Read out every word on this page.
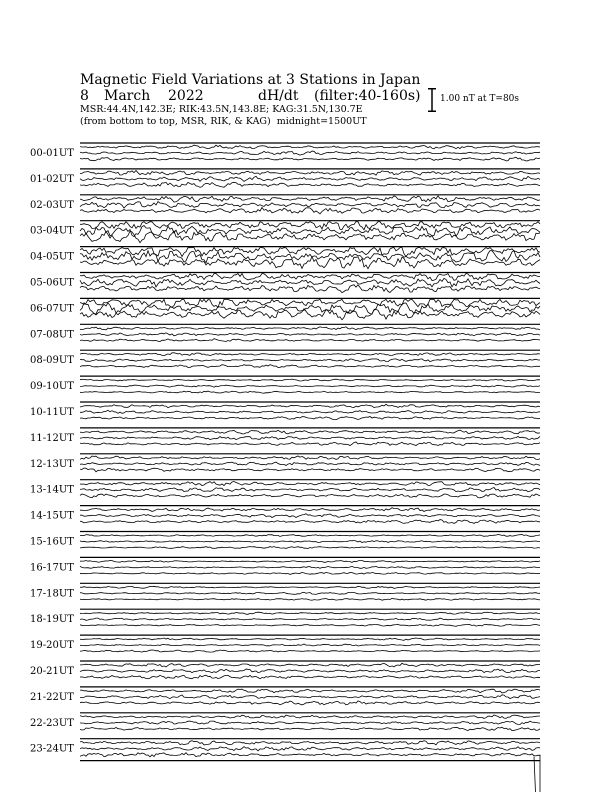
Magnetic Field Variations at 3 Stations in Japan
8 March 2022	dH/dt (filter:40-160s)
MSR:44.4N,142.3E; RIK:43.5N,143.8E; KAG:31.5N,130.7E
(from bottom to top, MSR, RIK, & KAG) midnight=1500UT
1.00 nT at T=80s
00-01UT
01-02UT
02-03UT
03-04UT
04-05UT
05-06UT
06-07UT
07-08UT
08-09UT
09-10UT
10-11UT
11-12UT
12-13UT
13-14UT
14-15UT
15-16UT
16-17UT
17-18UT
18-19UT
19-20UT
20-21UT
21-22UT
22-23UT
23-24UT
